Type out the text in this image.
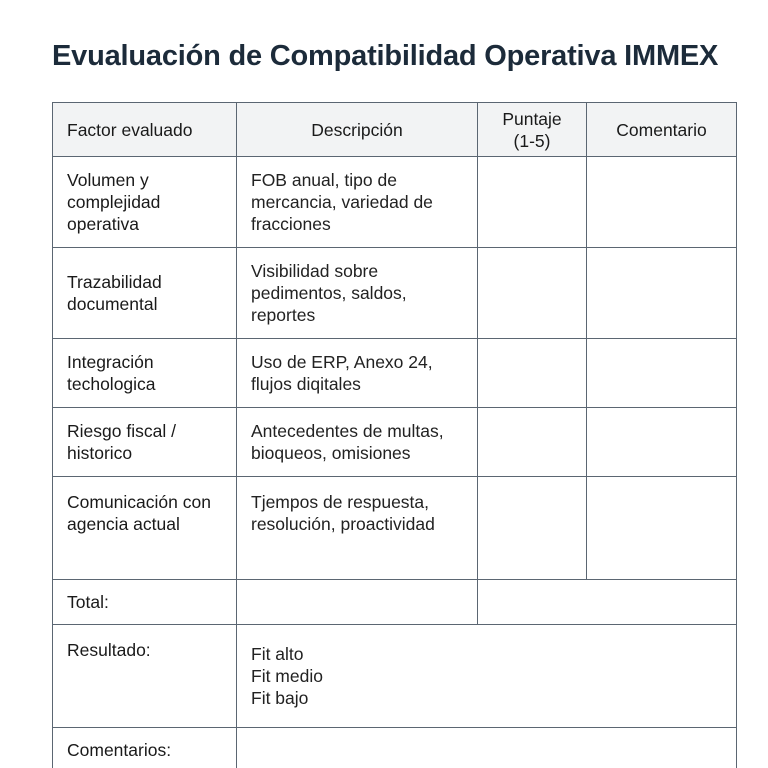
Evualuación de Compatibilidad Operativa IMMEX
Factor evaluado	Descripción	Puntaje (1-5)	Comentario
Volumen y complejidad operativa	FOB anual, tipo de mercancia, variedad de fracciones		
Trazabilidad documental	Visibilidad sobre pedimentos, saldos, reportes		
Integración techologica	Uso de ERP, Anexo 24, flujos diqitales		
Riesgo fiscal / historico	Antecedentes de multas, bioqueos, omisiones		
Comunicación con agencia actual	Tjempos de respuesta, resolución, proactividad		
Total:			
Resultado:	Fit alto
Fit medio
Fit bajo		

Comentarios:			
